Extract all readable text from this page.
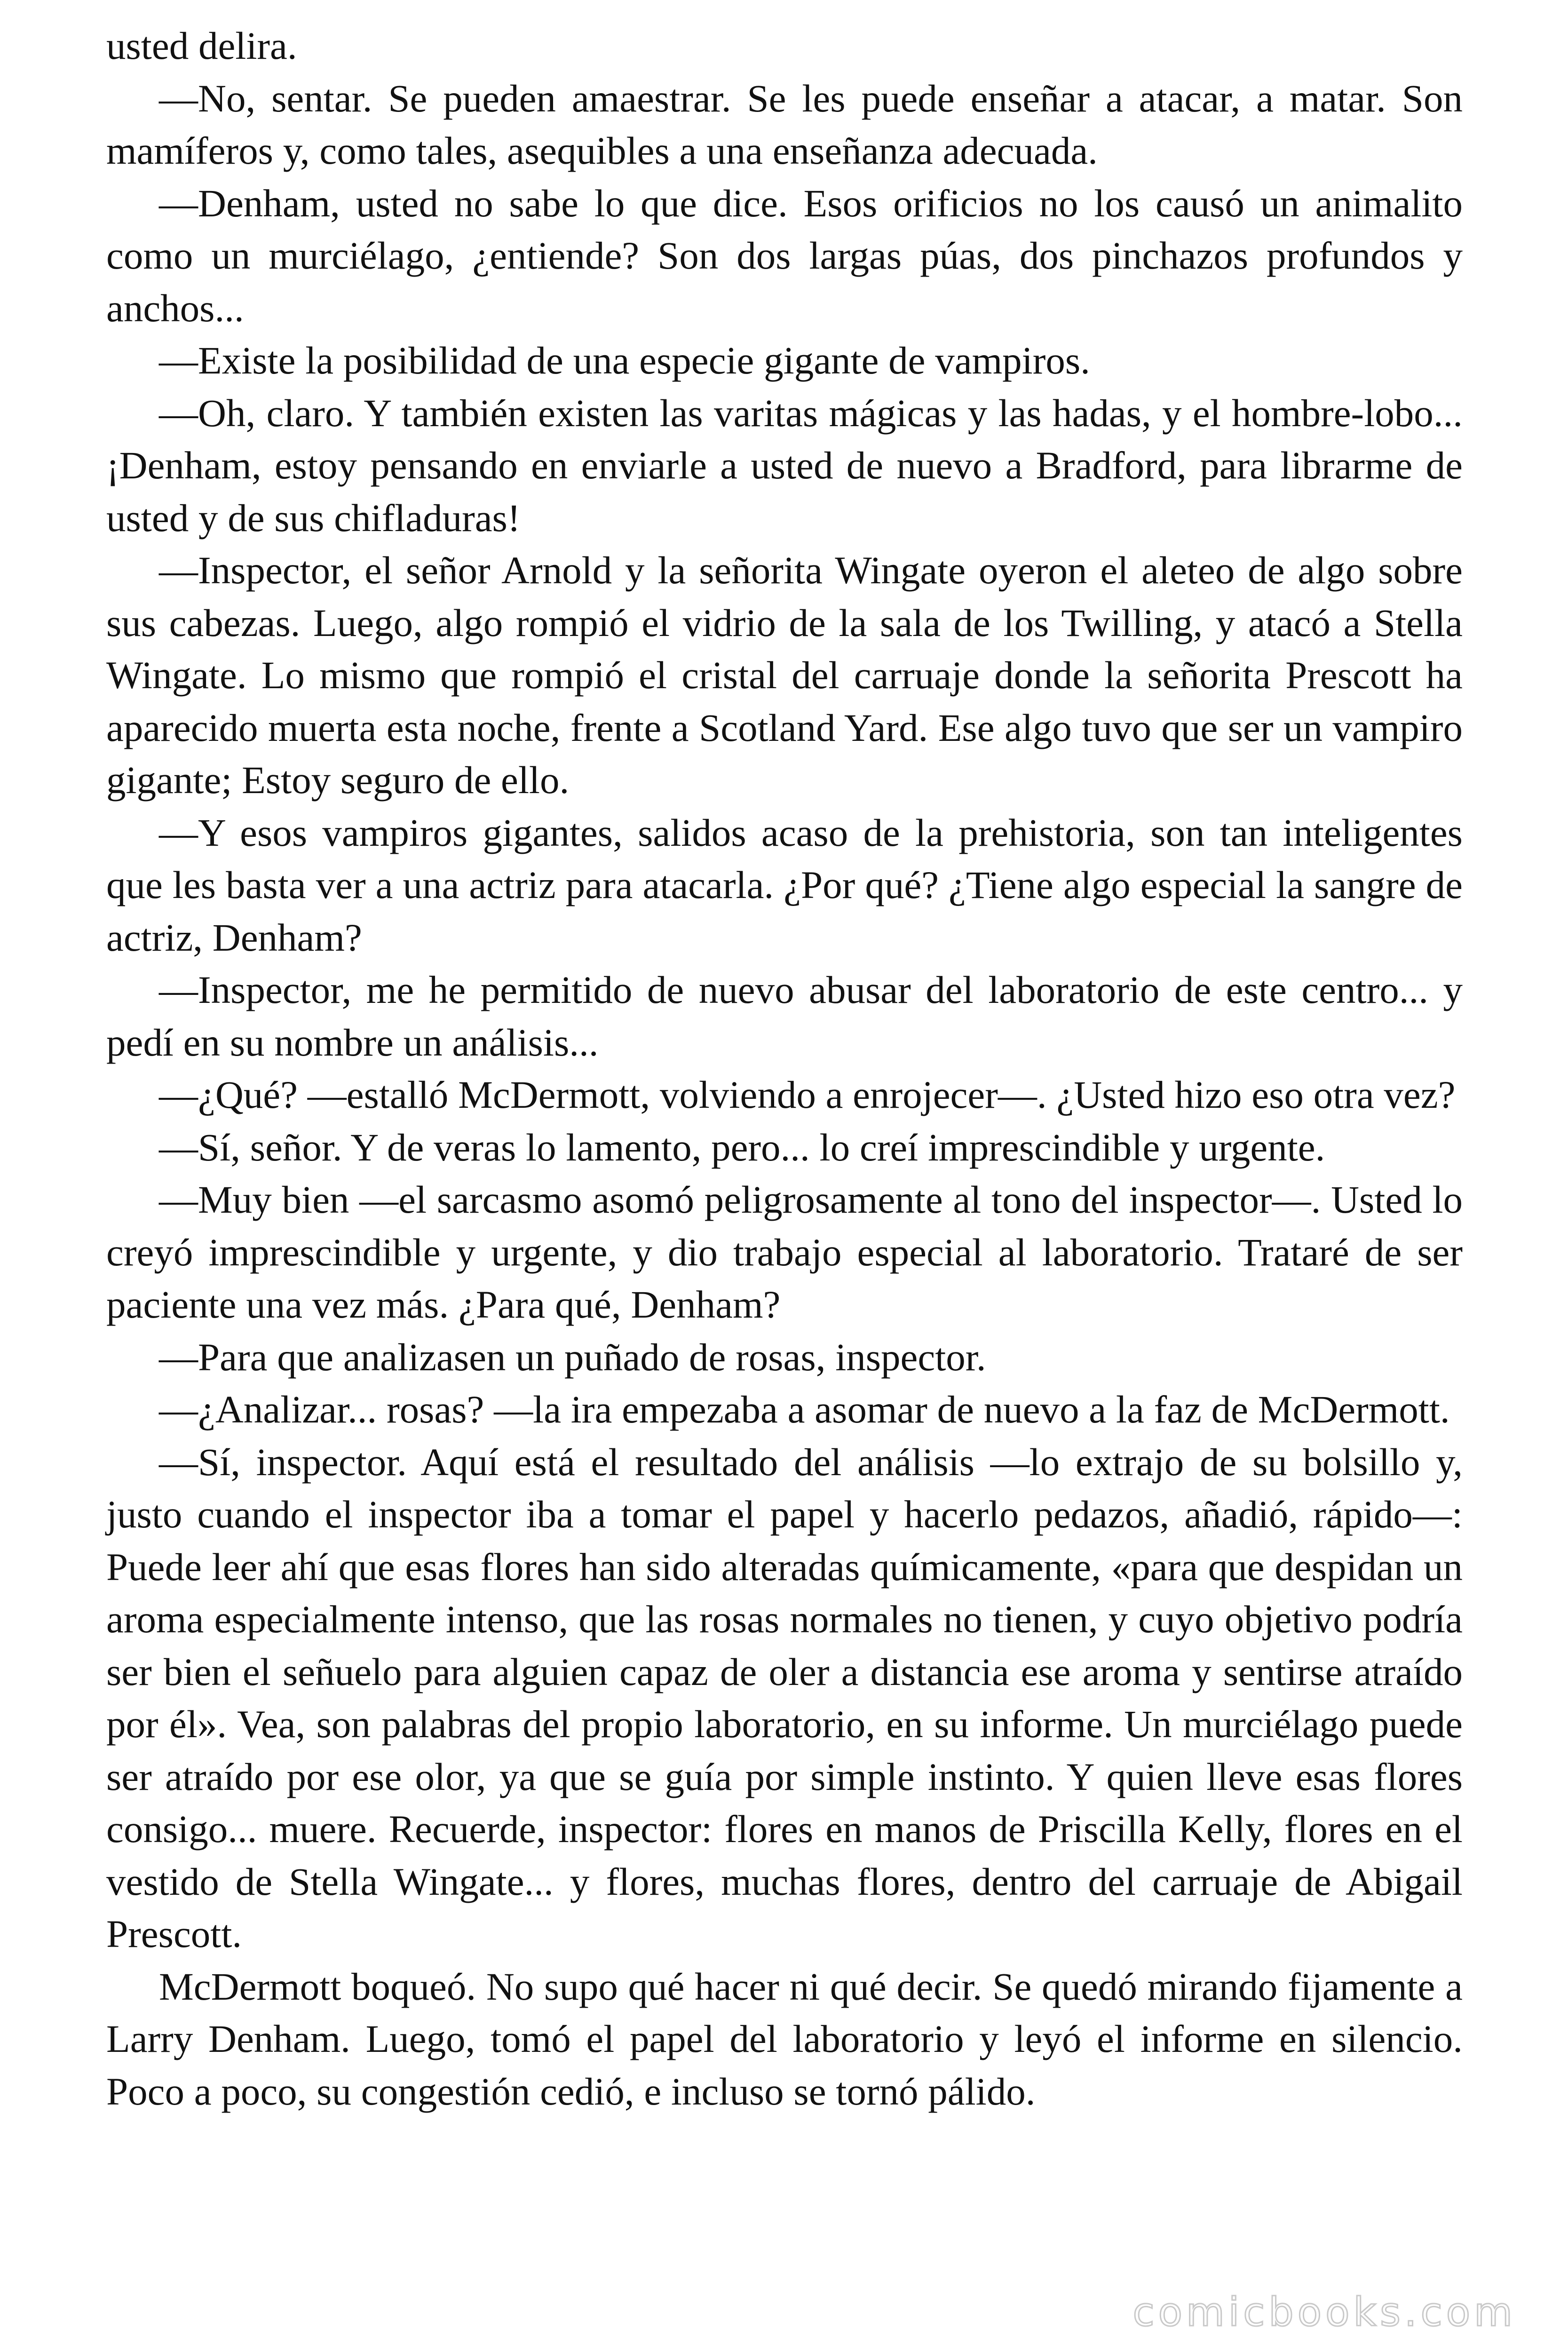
usted delira.

—No, sentar. Se pueden amaestrar. Se les puede enseñar a atacar, a matar. Son mamíferos y, como tales, asequibles a una enseñanza adecuada.

—Denham, usted no sabe lo que dice. Esos orificios no los causó un animalito como un murciélago, ¿entiende? Son dos largas púas, dos pinchazos profundos y anchos...

—Existe la posibilidad de una especie gigante de vampiros.

—Oh, claro. Y también existen las varitas mágicas y las hadas, y el hombre-lobo... ¡Denham, estoy pensando en enviarle a usted de nuevo a Bradford, para librarme de usted y de sus chifladuras!

—Inspector, el señor Arnold y la señorita Wingate oyeron el aleteo de algo sobre sus cabezas. Luego, algo rompió el vidrio de la sala de los Twilling, y atacó a Stella Wingate. Lo mismo que rompió el cristal del carruaje donde la señorita Prescott ha aparecido muerta esta noche, frente a Scotland Yard. Ese algo tuvo que ser un vampiro gigante; Estoy seguro de ello.

—Y esos vampiros gigantes, salidos acaso de la prehistoria, son tan inteligentes que les basta ver a una actriz para atacarla. ¿Por qué? ¿Tiene algo especial la sangre de actriz, Denham?

—Inspector, me he permitido de nuevo abusar del laboratorio de este centro... y pedí en su nombre un análisis...

—¿Qué? —estalló McDermott, volviendo a enrojecer—. ¿Usted hizo eso otra vez?

—Sí, señor. Y de veras lo lamento, pero... lo creí imprescindible y urgente.

—Muy bien —el sarcasmo asomó peligrosamente al tono del inspector—. Usted lo creyó imprescindible y urgente, y dio trabajo especial al laboratorio. Trataré de ser paciente una vez más. ¿Para qué, Denham?

—Para que analizasen un puñado de rosas, inspector.

—¿Analizar... rosas? —la ira empezaba a asomar de nuevo a la faz de McDermott.

—Sí, inspector. Aquí está el resultado del análisis —lo extrajo de su bolsillo y, justo cuando el inspector iba a tomar el papel y hacerlo pedazos, añadió, rápido—: Puede leer ahí que esas flores han sido alteradas químicamente, «para que despidan un aroma especialmente intenso, que las rosas normales no tienen, y cuyo objetivo podría ser bien el señuelo para alguien capaz de oler a distancia ese aroma y sentirse atraído por él». Vea, son palabras del propio laboratorio, en su informe. Un murciélago puede ser atraído por ese olor, ya que se guía por simple instinto. Y quien lleve esas flores consigo... muere. Recuerde, inspector: flores en manos de Priscilla Kelly, flores en el vestido de Stella Wingate... y flores, muchas flores, dentro del carruaje de Abigail Prescott.

McDermott boqueó. No supo qué hacer ni qué decir. Se quedó mirando fijamente a Larry Denham. Luego, tomó el papel del laboratorio y leyó el informe en silencio. Poco a poco, su congestión cedió, e incluso se tornó pálido.

comicbooks.com
